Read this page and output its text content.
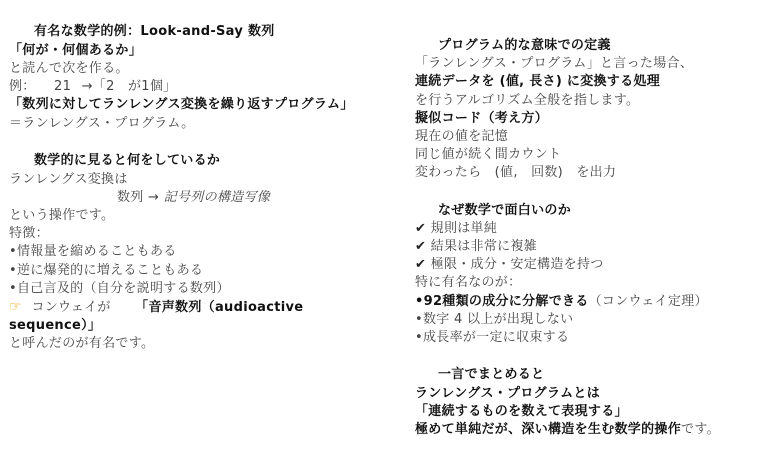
有名な数学的例：Look-and-Say 数列
「何が・何個あるか」
と読んで次を作る。
例： 21 →「2　が1個」
「数列に対してランレングス変換を繰り返すプログラム」
＝ランレングス・プログラム。
数学的に見ると何をしているか
ランレングス変換は
数列 → 記号列の構造写像
という操作です。
特徴：
•情報量を縮めることもある
•逆に爆発的に増えることもある
•自己言及的（自分を説明する数列）
☞ コンウェイが 「音声数列（audioactive
sequence）」
と呼んだのが有名です。
プログラム的な意味での定義
「ランレングス・プログラム」と言った場合、
連続データを (値, 長さ) に変換する処理
を行うアルゴリズム全般を指します。
擬似コード（考え方）
現在の値を記憶
同じ値が続く間カウント
変わったら　(値,　回数)　を出力
なぜ数学で面白いのか
✔ 規則は単純
✔ 結果は非常に複雑
✔ 極限・成分・安定構造を持つ
特に有名なのが：
•92種類の成分に分解できる（コンウェイ定理）
•数字 4 以上が出現しない
•成長率が一定に収束する
一言でまとめると
ランレングス・プログラムとは
「連続するものを数えて表現する」
極めて単純だが、深い構造を生む数学的操作です。
